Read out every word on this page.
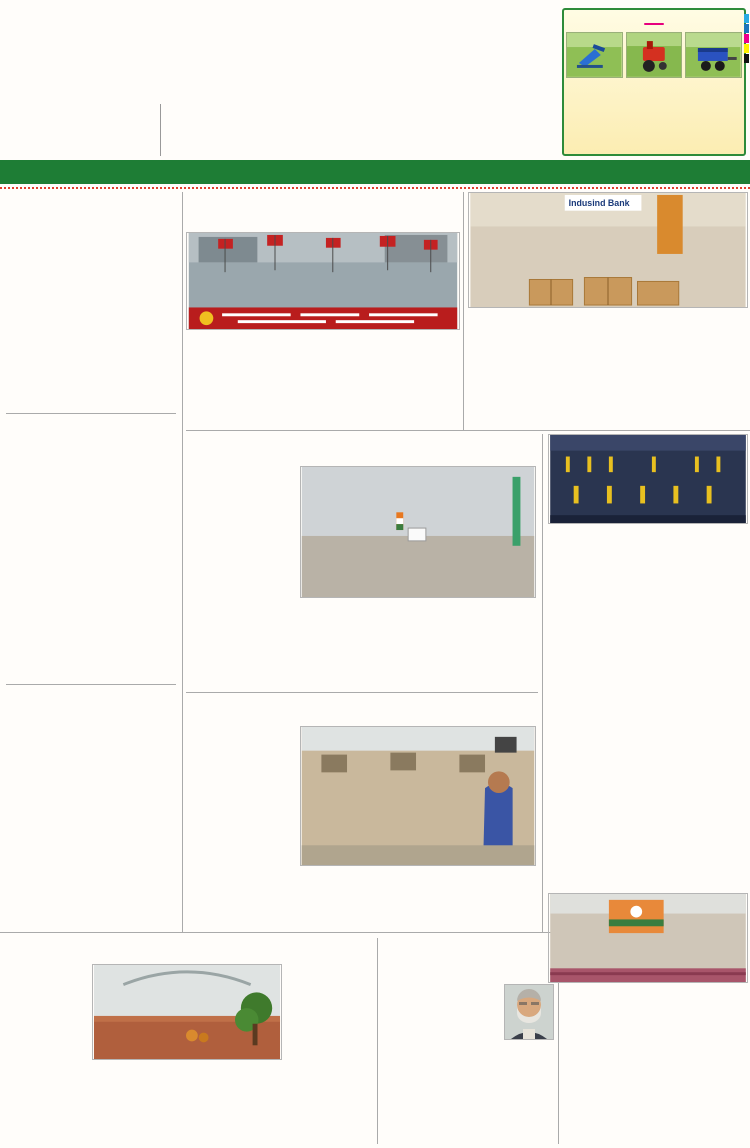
Indusind Bank
